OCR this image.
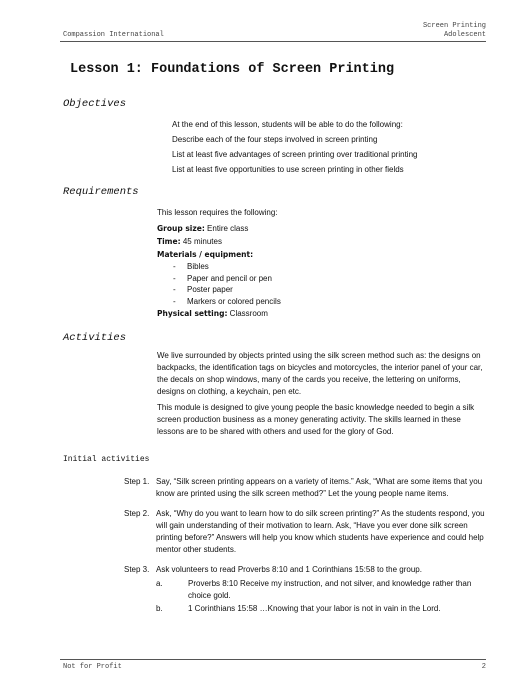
Screen Printing
Adolescent
Compassion International
Lesson 1: Foundations of Screen Printing
Objectives
At the end of this lesson, students will be able to do the following:
Describe each of the four steps involved in screen printing
List at least five advantages of screen printing over traditional printing
List at least five opportunities to use screen printing in other fields
Requirements
This lesson requires the following:
Group size: Entire class
Time: 45 minutes
Materials / equipment:
- Bibles
- Paper and pencil or pen
- Poster paper
- Markers or colored pencils
Physical setting: Classroom
Activities

We live surrounded by objects printed using the silk screen method such as: the designs on backpacks, the identification tags on bicycles and motorcycles, the interior panel of your car, the decals on shop windows, many of the cards you receive, the lettering on uniforms, designs on clothing, a keychain, pen etc.

This module is designed to give young people the basic knowledge needed to begin a silk screen production business as a money generating activity. The skills learned in these lessons are to be shared with others and used for the glory of God.

Initial activities
Step 1. Say, “Silk screen printing appears on a variety of items.” Ask, “What are some items that you know are printed using the silk screen method?” Let the young people name items.
Step 2. Ask, “Why do you want to learn how to do silk screen printing?” As the students respond, you will gain understanding of their motivation to learn. Ask, “Have you ever done silk screen printing before?” Answers will help you know which students have experience and could help mentor other students.
Step 3. Ask volunteers to read Proverbs 8:10 and 1 Corinthians 15:58 to the group.
a.	Proverbs 8:10 Receive my instruction, and not silver, and knowledge rather than choice gold.
b.	1 Corinthians 15:58 …Knowing that your labor is not in vain in the Lord.
Not for Profit	2
